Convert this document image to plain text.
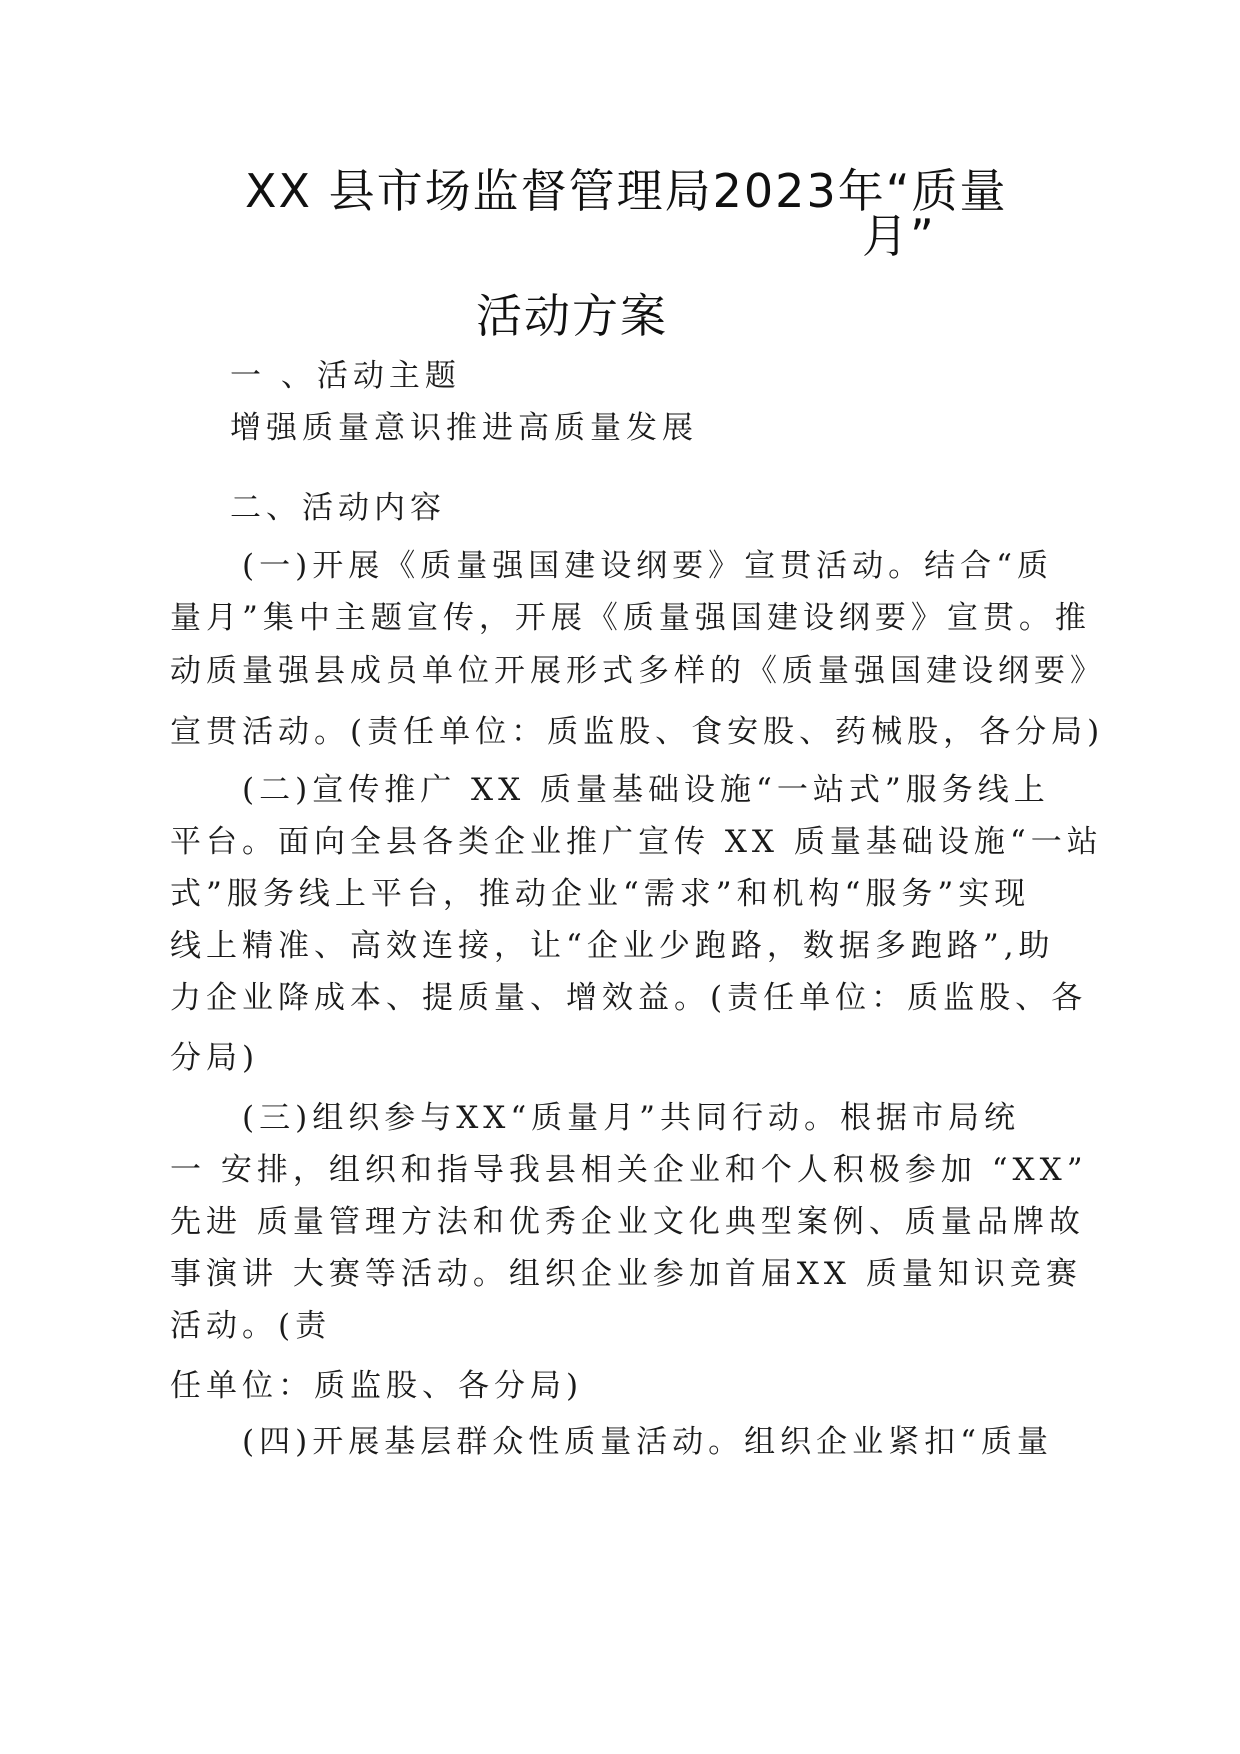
XX 县市场监督管理局2023年“质量
月”
活动方案
一 、活动主题
增强质量意识推进高质量发展
二、活动内容
(一)开展《质量强国建设纲要》宣贯活动。结合“质
量月”集中主题宣传，开展《质量强国建设纲要》宣贯。推
动质量强县成员单位开展形式多样的《质量强国建设纲要》
宣贯活动。(责任单位：质监股、食安股、药械股，各分局)
(二)宣传推广 XX 质量基础设施“一站式”服务线上
平台。面向全县各类企业推广宣传 XX 质量基础设施“一站
式”服务线上平台，推动企业“需求”和机构“服务”实现
线上精准、高效连接，让“企业少跑路，数据多跑路”,助
力企业降成本、提质量、增效益。(责任单位：质监股、各
分局)
(三)组织参与XX“质量月”共同行动。根据市局统
一 安排，组织和指导我县相关企业和个人积极参加 “XX”
先进 质量管理方法和优秀企业文化典型案例、质量品牌故
事演讲 大赛等活动。组织企业参加首届XX 质量知识竞赛
活动。(责
任单位：质监股、各分局)
(四)开展基层群众性质量活动。组织企业紧扣“质量
